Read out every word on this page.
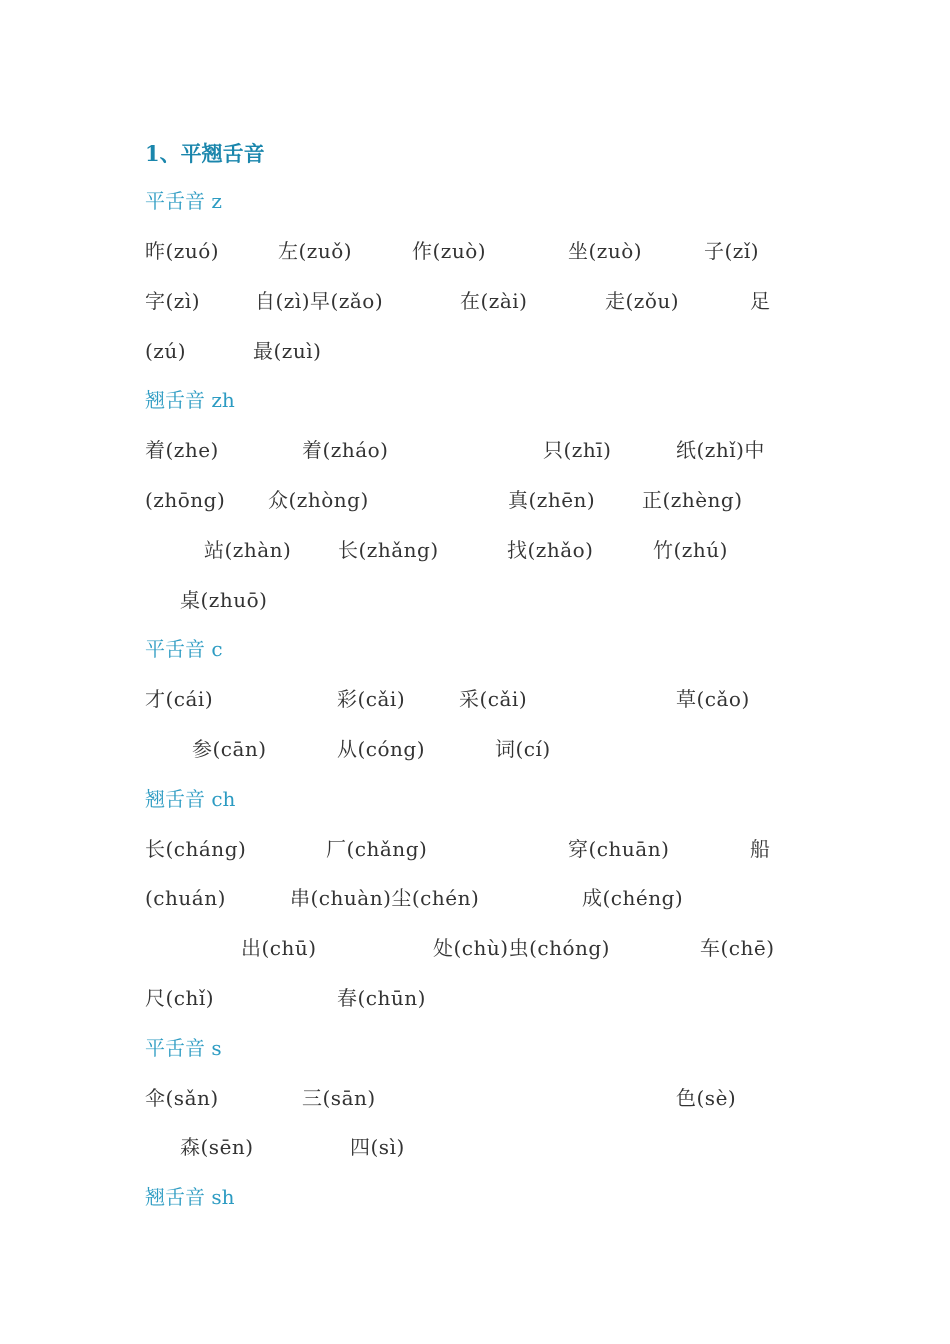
1、平翘舌音
平舌音 z
昨(zuó)	左(zuǒ)	作(zuò)	坐(zuò)	子(zǐ)
字(zì)	自(zì)早(zǎo)	在(zài)	走(zǒu)	足
(zú)	最(zuì)
翘舌音 zh
着(zhe)	着(zháo)	只(zhī)	纸(zhǐ)中
(zhōng) 众(zhòng)	真(zhēn) 正(zhèng)
站(zhàn) 长(zhǎng)	找(zhǎo)	竹(zhú)
桌(zhuō)
平舌音 c
才(cái)	彩(cǎi)	采(cǎi)	草(cǎo)
参(cān)	从(cóng)	词(cí)
翘舌音 ch
长(cháng)	厂(chǎng)	穿(chuān)	船
(chuán)	串(chuàn)尘(chén)	成(chéng)
出(chū)	处(chù)虫(chóng)	车(chē)
尺(chǐ)	春(chūn)
平舌音 s
伞(sǎn)	三(sān)	色(sè)
森(sēn)	四(sì)
翘舌音 sh
